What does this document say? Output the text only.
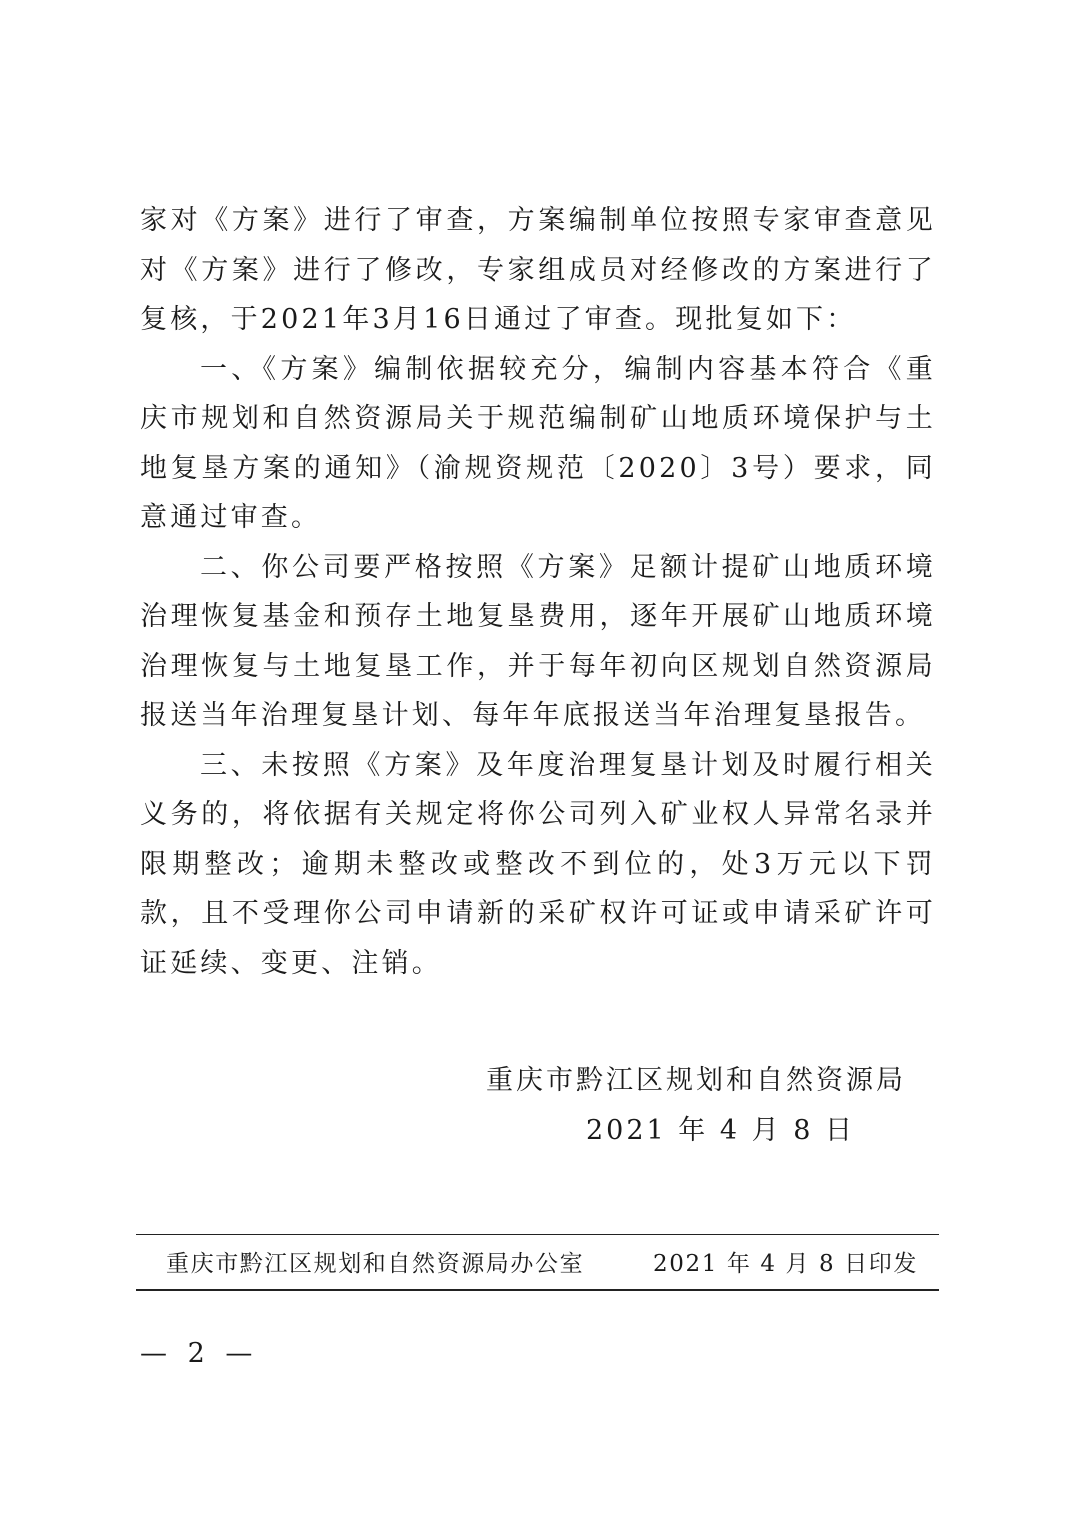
家对《方案》进行了审查，方案编制单位按照专家审查意见对《方案》进行了修改，专家组成员对经修改的方案进行了复核，于2021年3月16日通过了审查。现批复如下：

一、《方案》编制依据较充分，编制内容基本符合《重庆市规划和自然资源局关于规范编制矿山地质环境保护与土地复垦方案的通知》（渝规资规范〔2020〕3号）要求，同意通过审查。

二、你公司要严格按照《方案》足额计提矿山地质环境治理恢复基金和预存土地复垦费用，逐年开展矿山地质环境治理恢复与土地复垦工作，并于每年初向区规划自然资源局报送当年治理复垦计划、每年年底报送当年治理复垦报告。

三、未按照《方案》及年度治理复垦计划及时履行相关义务的，将依据有关规定将你公司列入矿业权人异常名录并限期整改；逾期未整改或整改不到位的，处3万元以下罚款，且不受理你公司申请新的采矿权许可证或申请采矿许可证延续、变更、注销。

重庆市黔江区规划和自然资源局
2021 年 4 月 8 日
重庆市黔江区规划和自然资源局办公室	2021 年 4 月 8 日印发
— 2 —
